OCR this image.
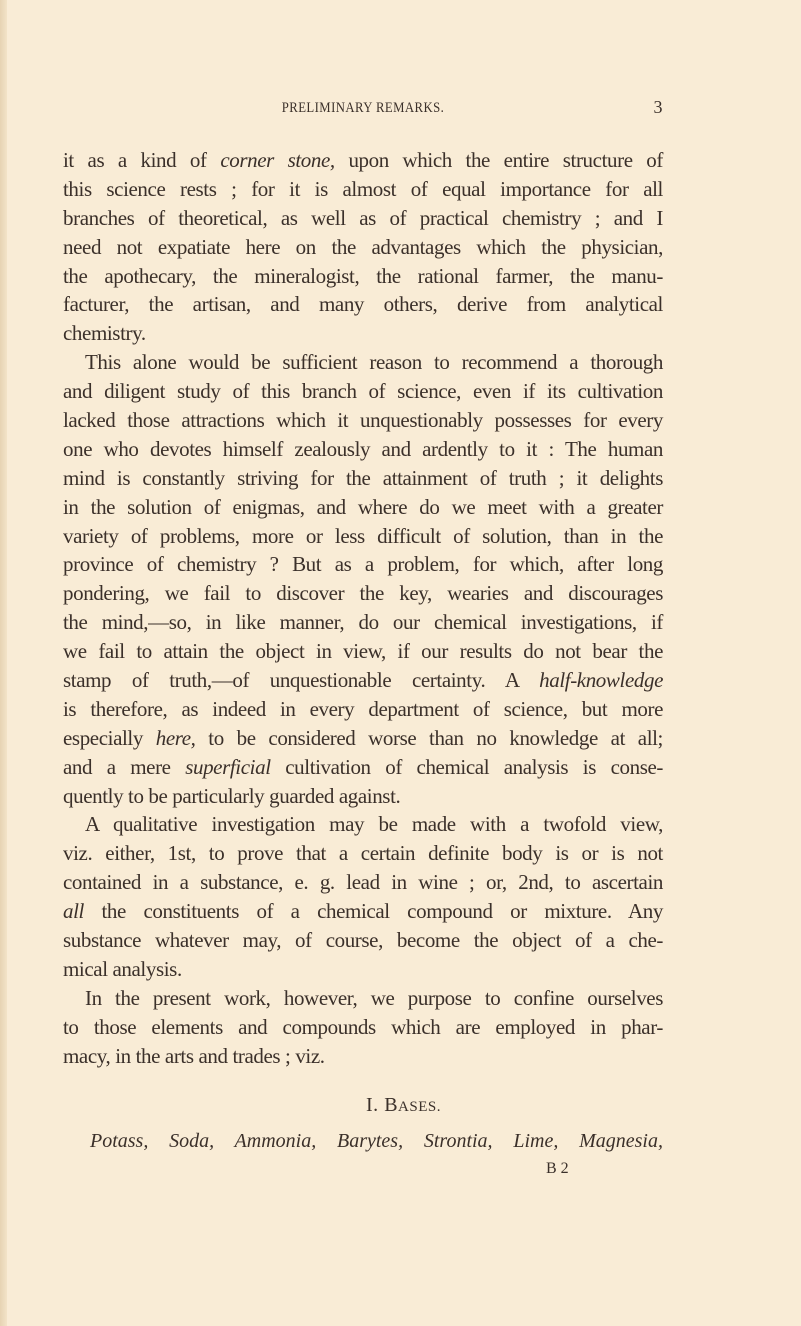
PRELIMINARY REMARKS.	3
it as a kind of corner stone, upon which the entire structure of
this science rests ; for it is almost of equal importance for all
branches of theoretical, as well as of practical chemistry ; and I
need not expatiate here on the advantages which the physician,
the apothecary, the mineralogist, the rational farmer, the manu-
facturer, the artisan, and many others, derive from analytical
chemistry.
This alone would be sufficient reason to recommend a thorough
and diligent study of this branch of science, even if its cultivation
lacked those attractions which it unquestionably possesses for every
one who devotes himself zealously and ardently to it : The human
mind is constantly striving for the attainment of truth ; it delights
in the solution of enigmas, and where do we meet with a greater
variety of problems, more or less difficult of solution, than in the
province of chemistry ? But as a problem, for which, after long
pondering, we fail to discover the key, wearies and discourages
the mind,—so, in like manner, do our chemical investigations, if
we fail to attain the object in view, if our results do not bear the
stamp of truth,—of unquestionable certainty. A half-knowledge
is therefore, as indeed in every department of science, but more
especially here, to be considered worse than no knowledge at all;
and a mere superficial cultivation of chemical analysis is conse-
quently to be particularly guarded against.
A qualitative investigation may be made with a twofold view,
viz. either, 1st, to prove that a certain definite body is or is not
contained in a substance, e. g. lead in wine ; or, 2nd, to ascertain
all the constituents of a chemical compound or mixture. Any
substance whatever may, of course, become the object of a che-
mical analysis.
In the present work, however, we purpose to confine ourselves
to those elements and compounds which are employed in phar-
macy, in the arts and trades ; viz.
I. BASES.
Potass, Soda, Ammonia, Barytes, Strontia, Lime, Magnesia,
B 2
